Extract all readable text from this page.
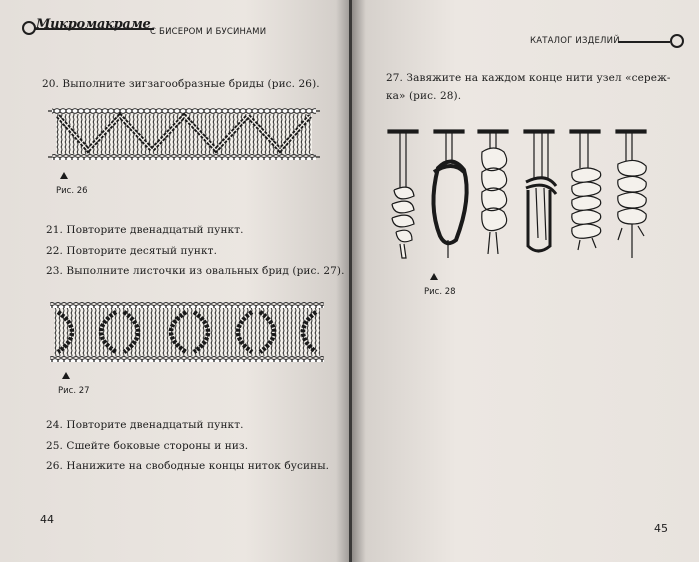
Микромакраме С БИСЕРОМ И БУСИНАМИ
20. Выполните зигзагообразные бриды (рис. 26).
Рис. 26
21. Повторите двенадцатый пункт.
22. Повторите десятый пункт.
23. Выполните листочки из овальных брид (рис. 27).
Рис. 27
24. Повторите двенадцатый пункт.
25. Сшейте боковые стороны и низ.
26. Нанижите на свободные концы ниток бусины.
44
КАТАЛОГ ИЗДЕЛИЙ
27. Завяжите на каждом конце нити узел «сереж-
ка» (рис. 28).
Рис. 28
45
